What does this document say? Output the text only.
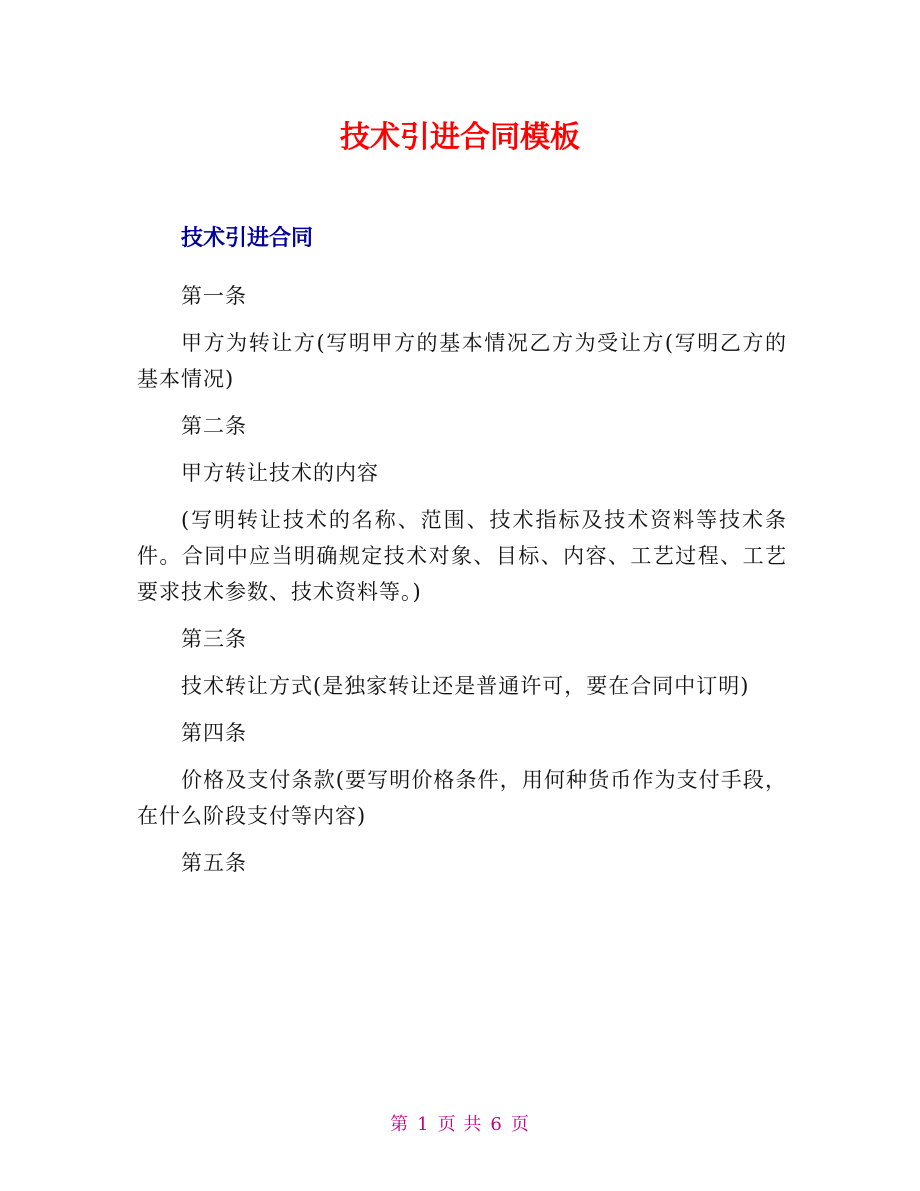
技术引进合同模板
技术引进合同

第一条

甲方为转让方(写明甲方的基本情况乙方为受让方(写明乙方的基本情况)

第二条

甲方转让技术的内容

(写明转让技术的名称、范围、技术指标及技术资料等技术条件。合同中应当明确规定技术对象、目标、内容、工艺过程、工艺要求技术参数、技术资料等。)

第三条

技术转让方式(是独家转让还是普通许可，要在合同中订明)

第四条

价格及支付条款(要写明价格条件，用何种货币作为支付手段，在什么阶段支付等内容)

第五条

第 1 页 共 6 页
